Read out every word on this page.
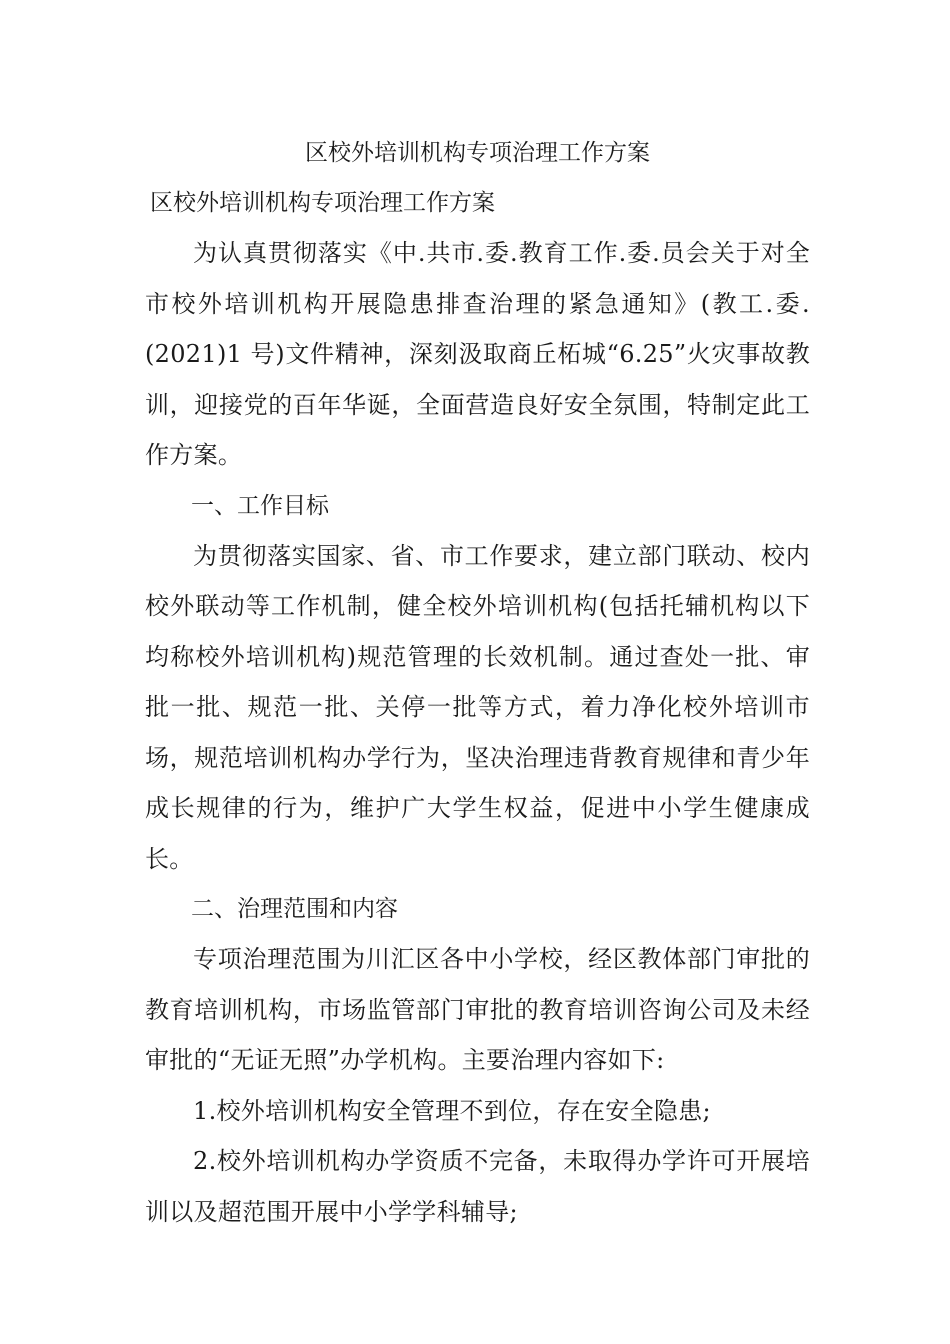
区校外培训机构专项治理工作方案
区校外培训机构专项治理工作方案

为认真贯彻落实《中.共市.委.教育工作.委.员会关于对全市校外培训机构开展隐患排查治理的紧急通知》(教工.委.(2021)1 号)文件精神，深刻汲取商丘柘城“6.25”火灾事故教训，迎接党的百年华诞，全面营造良好安全氛围，特制定此工作方案。

一、工作目标

为贯彻落实国家、省、市工作要求，建立部门联动、校内校外联动等工作机制，健全校外培训机构(包括托辅机构以下均称校外培训机构)规范管理的长效机制。通过查处一批、审批一批、规范一批、关停一批等方式，着力净化校外培训市场，规范培训机构办学行为，坚决治理违背教育规律和青少年成长规律的行为，维护广大学生权益，促进中小学生健康成长。

二、治理范围和内容

专项治理范围为川汇区各中小学校，经区教体部门审批的教育培训机构，市场监管部门审批的教育培训咨询公司及未经审批的“无证无照”办学机构。主要治理内容如下:

1.校外培训机构安全管理不到位，存在安全隐患;

2.校外培训机构办学资质不完备，未取得办学许可开展培训以及超范围开展中小学学科辅导;
